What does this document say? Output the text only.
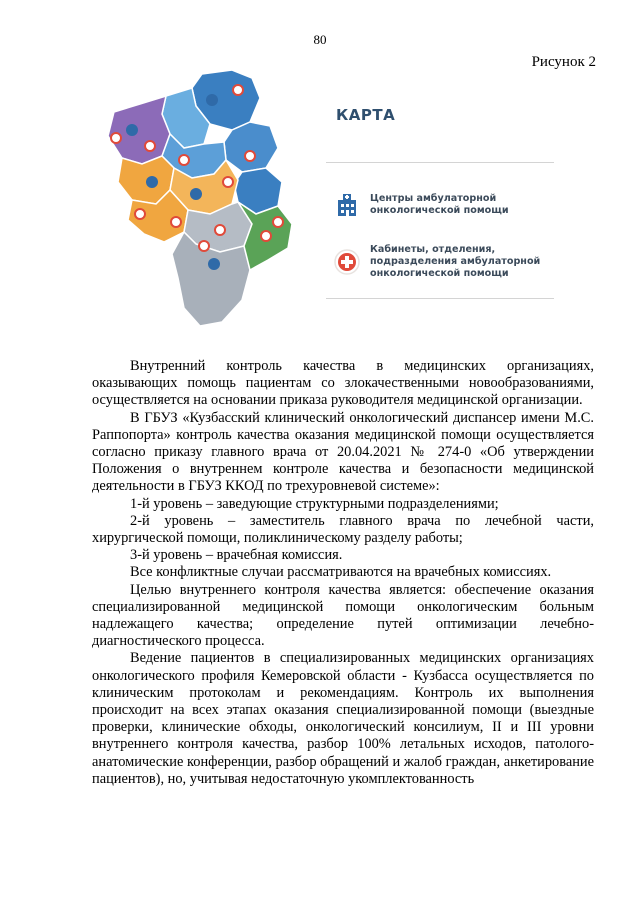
80
Рисунок 2
КАРТА
Центры амбулаторной
онкологической помощи
Кабинеты, отделения,
подразделения амбулаторной
онкологической помощи

Внутренний контроль качества в медицинских организациях, оказывающих помощь пациентам со злокачественными новообразованиями, осуществляется на основании приказа руководителя медицинской организации.

В ГБУЗ «Кузбасский клинический онкологический диспансер имени М.С. Раппопорта» контроль качества оказания медицинской помощи осуществляется согласно приказу главного врача от 20.04.2021 № 274-0 «Об утверждении Положения о внутреннем контроле качества и безопасности медицинской деятельности в ГБУЗ ККОД по трехуровневой системе»:

1-й уровень – заведующие структурными подразделениями;

2-й уровень – заместитель главного врача по лечебной части, хирургической помощи, поликлиническому разделу работы;

3-й уровень – врачебная комиссия.

Все конфликтные случаи рассматриваются на врачебных комиссиях.

Целью внутреннего контроля качества является: обеспечение оказания специализированной медицинской помощи онкологическим больным надлежащего качества; определение путей оптимизации лечебно-диагностического процесса.

Ведение пациентов в специализированных медицинских организациях онкологического профиля Кемеровской области - Кузбасса осуществляется по клиническим протоколам и рекомендациям. Контроль их выполнения происходит на всех этапах оказания специализированной помощи (выездные проверки, клинические обходы, онкологический консилиум, II и III уровни внутреннего контроля качества, разбор 100% летальных исходов, патолого-анатомические конференции, разбор обращений и жалоб граждан, анкетирование пациентов), но, учитывая недостаточную укомплектованность
